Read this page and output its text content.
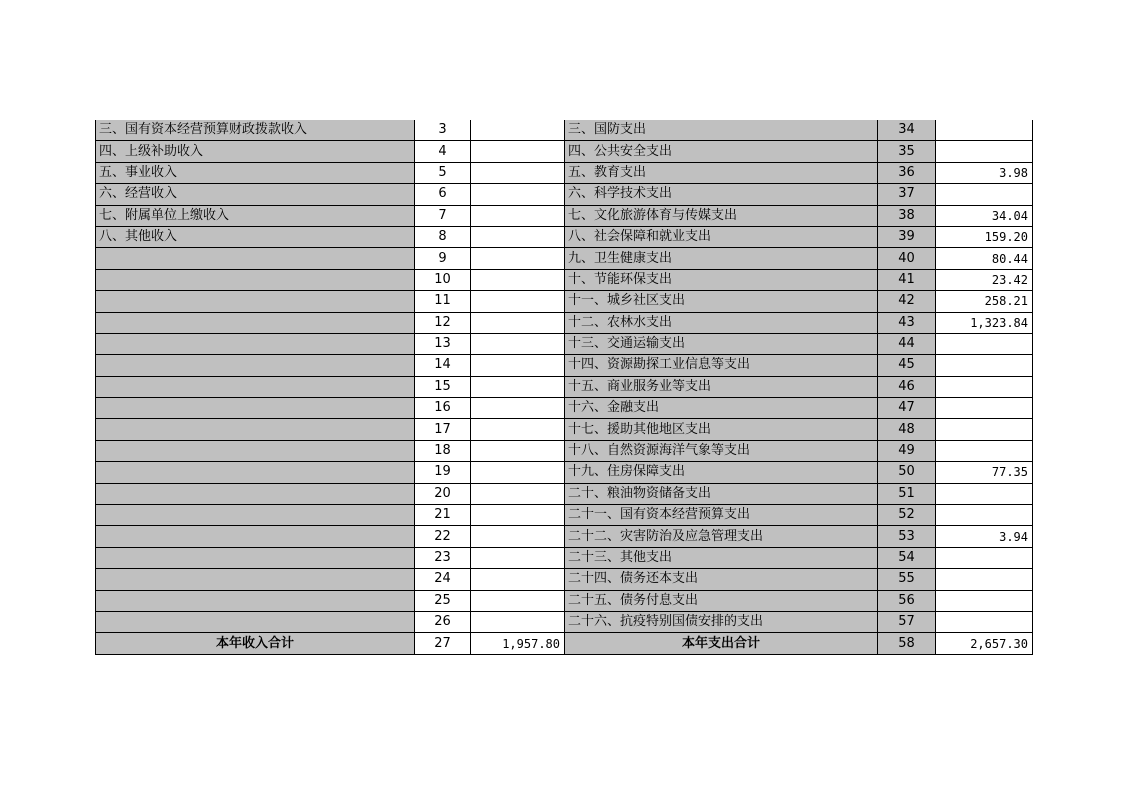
三、国有资本经营预算财政拨款收入	3		三、国防支出	34	
四、上级补助收入	4		四、公共安全支出	35	
五、事业收入	5		五、教育支出	36	3.98
六、经营收入	6		六、科学技术支出	37	
七、附属单位上缴收入	7		七、文化旅游体育与传媒支出	38	34.04
八、其他收入	8		八、社会保障和就业支出	39	159.20
	9		九、卫生健康支出	40	80.44
	10		十、节能环保支出	41	23.42
	11		十一、城乡社区支出	42	258.21
	12		十二、农林水支出	43	1,323.84
	13		十三、交通运输支出	44	
	14		十四、资源勘探工业信息等支出	45	
	15		十五、商业服务业等支出	46	
	16		十六、金融支出	47	
	17		十七、援助其他地区支出	48	
	18		十八、自然资源海洋气象等支出	49	
	19		十九、住房保障支出	50	77.35
	20		二十、粮油物资储备支出	51	
	21		二十一、国有资本经营预算支出	52	
	22		二十二、灾害防治及应急管理支出	53	3.94
	23		二十三、其他支出	54	
	24		二十四、债务还本支出	55	
	25		二十五、债务付息支出	56	
	26		二十六、抗疫特别国债安排的支出	57	
本年收入合计	27	1,957.80	本年支出合计	58	2,657.30
